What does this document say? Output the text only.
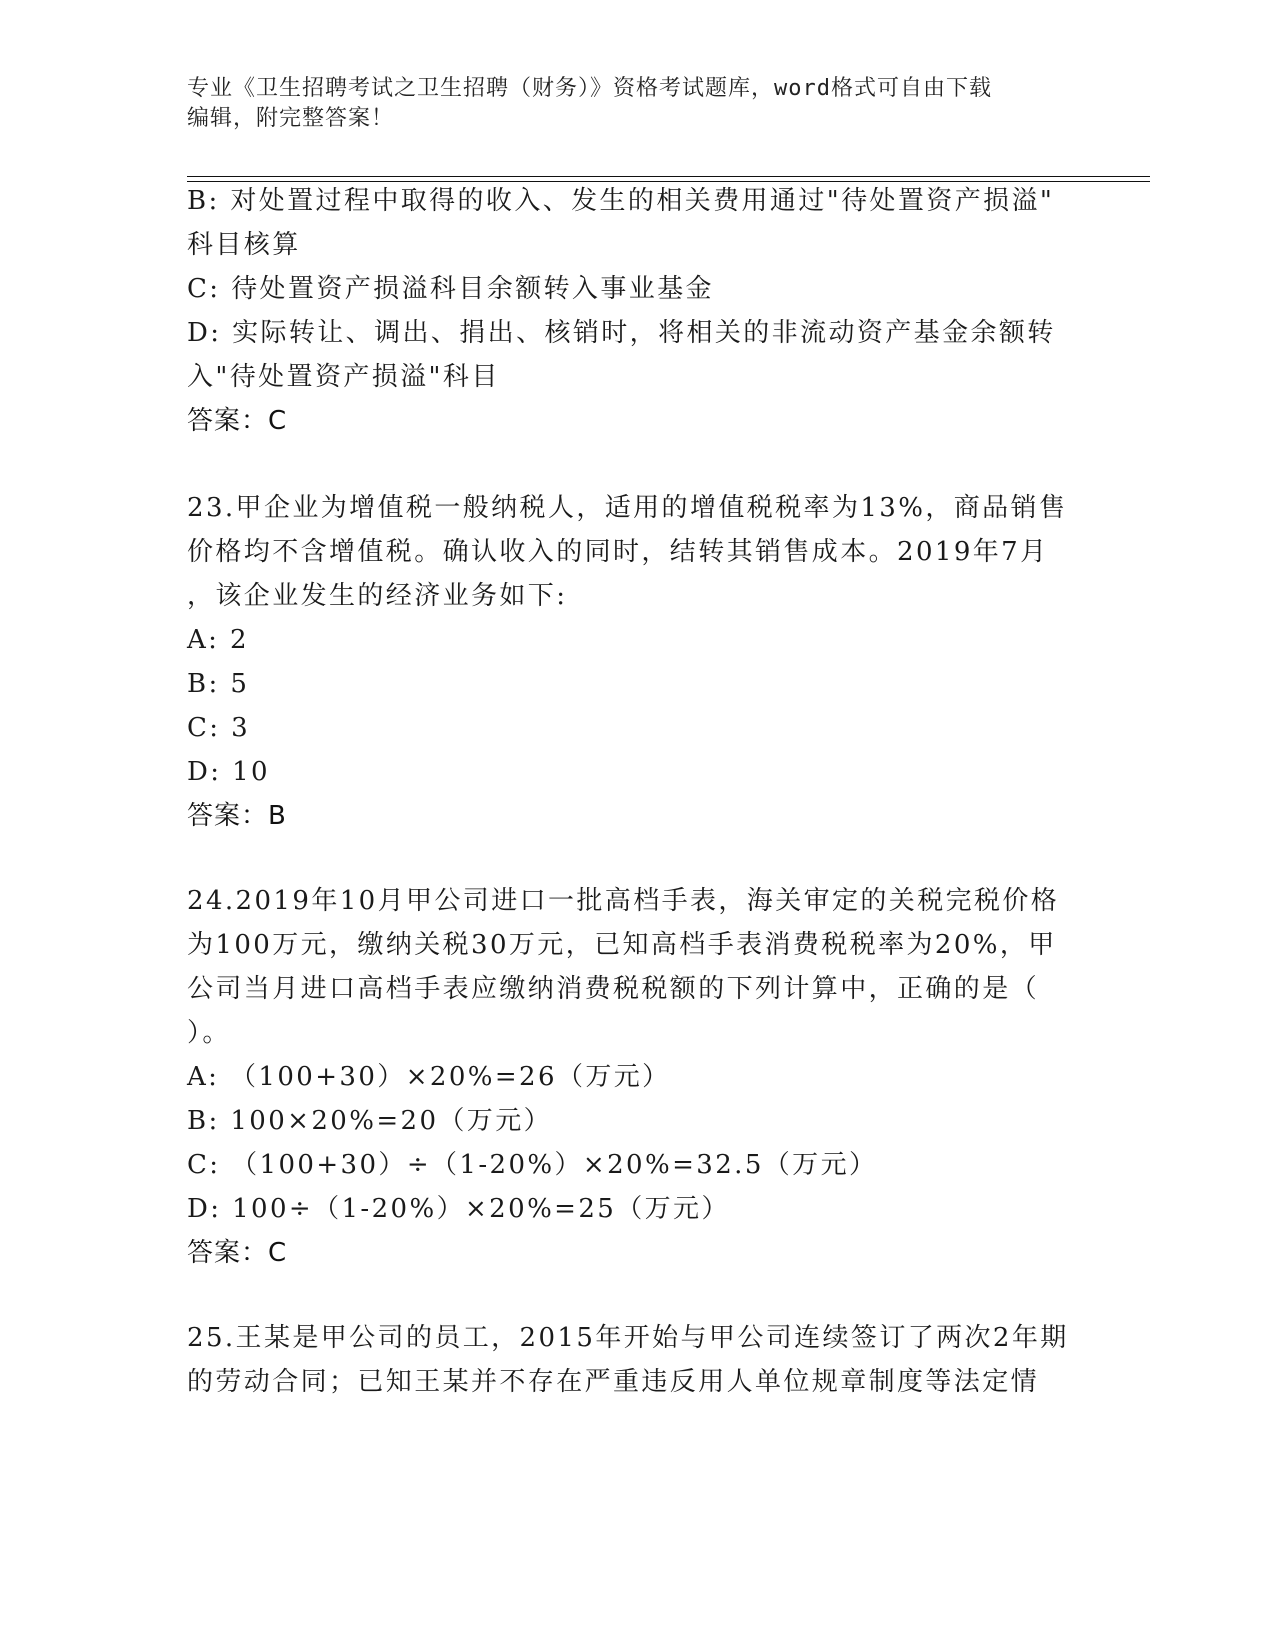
专业《卫生招聘考试之卫生招聘（财务）》资格考试题库，word格式可自由下载
编辑，附完整答案！
B: 对处置过程中取得的收入、发生的相关费用通过"待处置资产损溢"
科目核算
C: 待处置资产损溢科目余额转入事业基金
D: 实际转让、调出、捐出、核销时，将相关的非流动资产基金余额转
入"待处置资产损溢"科目
答案：C
23.甲企业为增值税一般纳税人，适用的增值税税率为13%，商品销售
价格均不含增值税。确认收入的同时，结转其销售成本。2019年7月
，该企业发生的经济业务如下:
A: 2
B: 5
C: 3
D: 10
答案：B
24.2019年10月甲公司进口一批高档手表，海关审定的关税完税价格
为100万元，缴纳关税30万元，已知高档手表消费税税率为20%，甲
公司当月进口高档手表应缴纳消费税税额的下列计算中，正确的是（
）。
A: （100+30）×20%=26（万元）
B: 100×20%=20（万元）
C: （100+30）÷（1-20%）×20%=32.5（万元）
D: 100÷（1-20%）×20%=25（万元）
答案：C
25.王某是甲公司的员工，2015年开始与甲公司连续签订了两次2年期
的劳动合同；已知王某并不存在严重违反用人单位规章制度等法定情
